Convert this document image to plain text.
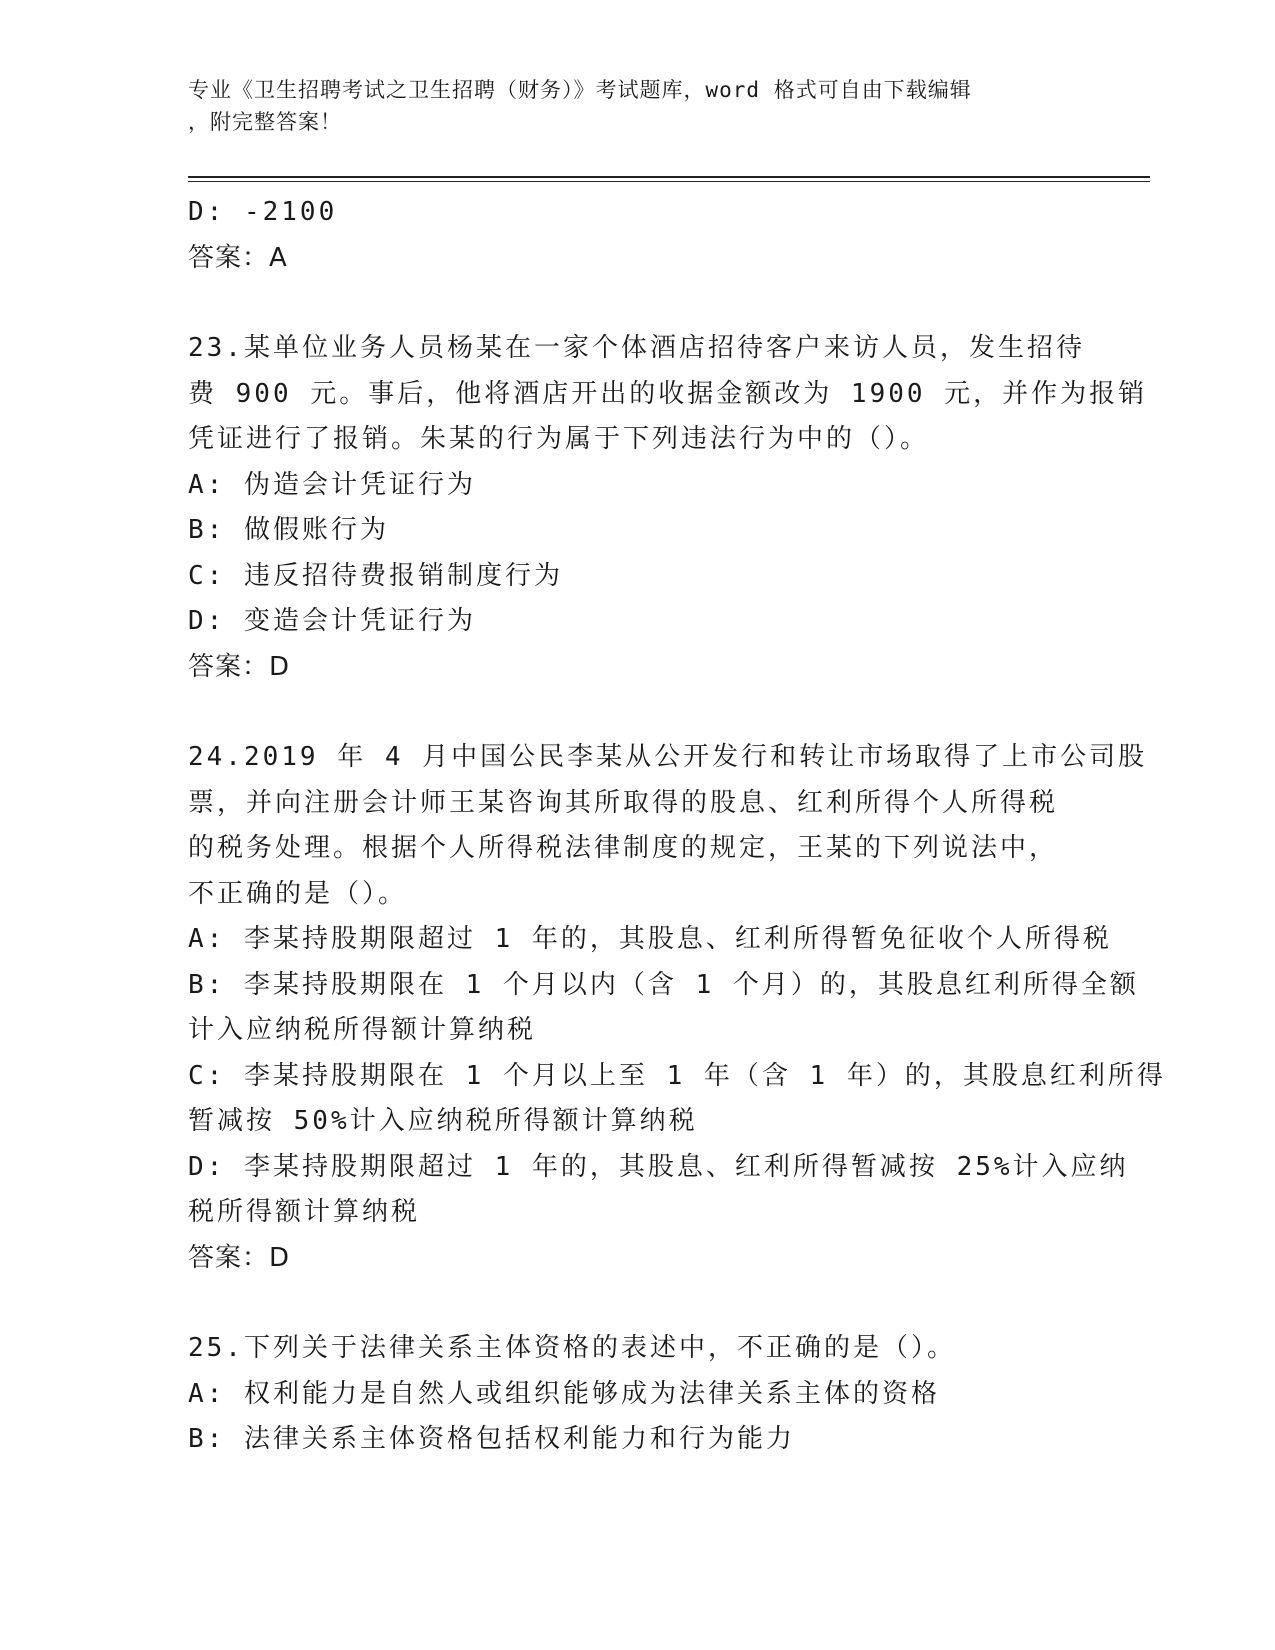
专业《卫生招聘考试之卫生招聘（财务）》考试题库，word 格式可自由下载编辑
，附完整答案！
D: -2100
答案：A
23.某单位业务人员杨某在一家个体酒店招待客户来访人员，发生招待
费 900 元。事后，他将酒店开出的收据金额改为 1900 元，并作为报销
凭证进行了报销。朱某的行为属于下列违法行为中的（）。
A: 伪造会计凭证行为
B: 做假账行为
C: 违反招待费报销制度行为
D: 变造会计凭证行为
答案：D
24.2019 年 4 月中国公民李某从公开发行和转让市场取得了上市公司股
票，并向注册会计师王某咨询其所取得的股息、红利所得个人所得税
的税务处理。根据个人所得税法律制度的规定，王某的下列说法中，
不正确的是（）。
A: 李某持股期限超过 1 年的，其股息、红利所得暂免征收个人所得税
B: 李某持股期限在 1 个月以内（含 1 个月）的，其股息红利所得全额
计入应纳税所得额计算纳税
C: 李某持股期限在 1 个月以上至 1 年（含 1 年）的，其股息红利所得
暂减按 50%计入应纳税所得额计算纳税
D: 李某持股期限超过 1 年的，其股息、红利所得暂减按 25%计入应纳
税所得额计算纳税
答案：D
25.下列关于法律关系主体资格的表述中，不正确的是（）。
A: 权利能力是自然人或组织能够成为法律关系主体的资格
B: 法律关系主体资格包括权利能力和行为能力
